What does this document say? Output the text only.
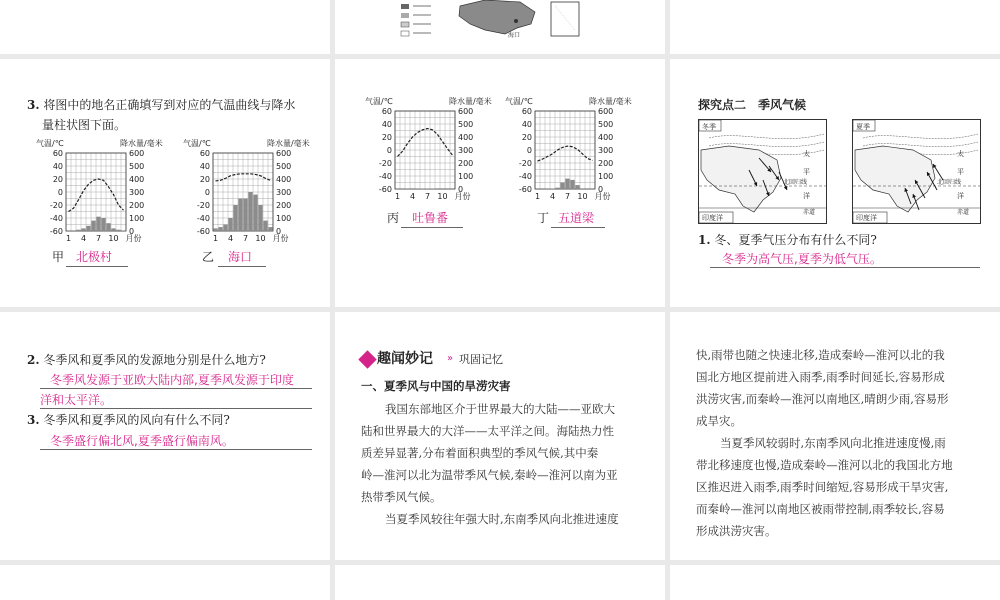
海口
3. 将图中的地名正确填写到对应的气温曲线与降水
量柱状图下面。
气温/℃	降水量/毫米
60
40
20
0
-20
-40
-60
600
500
400
300
200
100
0
1 4 7 10 月份
气温/℃	降水量/毫米
60
40
20
0
-20
-40
-60
600
500
400
300
200
100
0
1 4 7 10 月份
甲 北极村	乙 海口
气温/℃	降水量/毫米
60
40
20
0
-20
-40
-60
600
500
400
300
200
100
0
1 4 7 10 月份
气温/℃	降水量/毫米
60
40
20
0
-20
-40
-60
600
500
400
300
200
100
0
1 4 7 10 月份
丙 吐鲁番	丁 五道梁
探究点二　季风气候
冬季
太
平
北回归线
洋
赤道
印度洋
夏季
太
平
北回归线
洋
赤道
印度洋
1. 冬、夏季气压分布有什么不同?
冬季为高气压,夏季为低气压。
2. 冬季风和夏季风的发源地分别是什么地方?
冬季风发源于亚欧大陆内部,夏季风发源于印度
洋和太平洋。
3. 冬季风和夏季风的风向有什么不同?
冬季盛行偏北风,夏季盛行偏南风。
趣闻妙记 » 巩固记忆
一、夏季风与中国的旱涝灾害
我国东部地区介于世界最大的大陆——亚欧大
陆和世界最大的大洋——太平洋之间。海陆热力性
质差异显著,分布着面积典型的季风气候,其中秦
岭—淮河以北为温带季风气候,秦岭—淮河以南为亚
热带季风气候。
当夏季风较往年强大时,东南季风向北推进速度
快,雨带也随之快速北移,造成秦岭—淮河以北的我
国北方地区提前进入雨季,雨季时间延长,容易形成
洪涝灾害,而秦岭—淮河以南地区,晴朗少雨,容易形
成旱灾。
当夏季风较弱时,东南季风向北推进速度慢,雨
带北移速度也慢,造成秦岭—淮河以北的我国北方地
区推迟进入雨季,雨季时间缩短,容易形成干旱灾害,
而秦岭—淮河以南地区被雨带控制,雨季较长,容易
形成洪涝灾害。
